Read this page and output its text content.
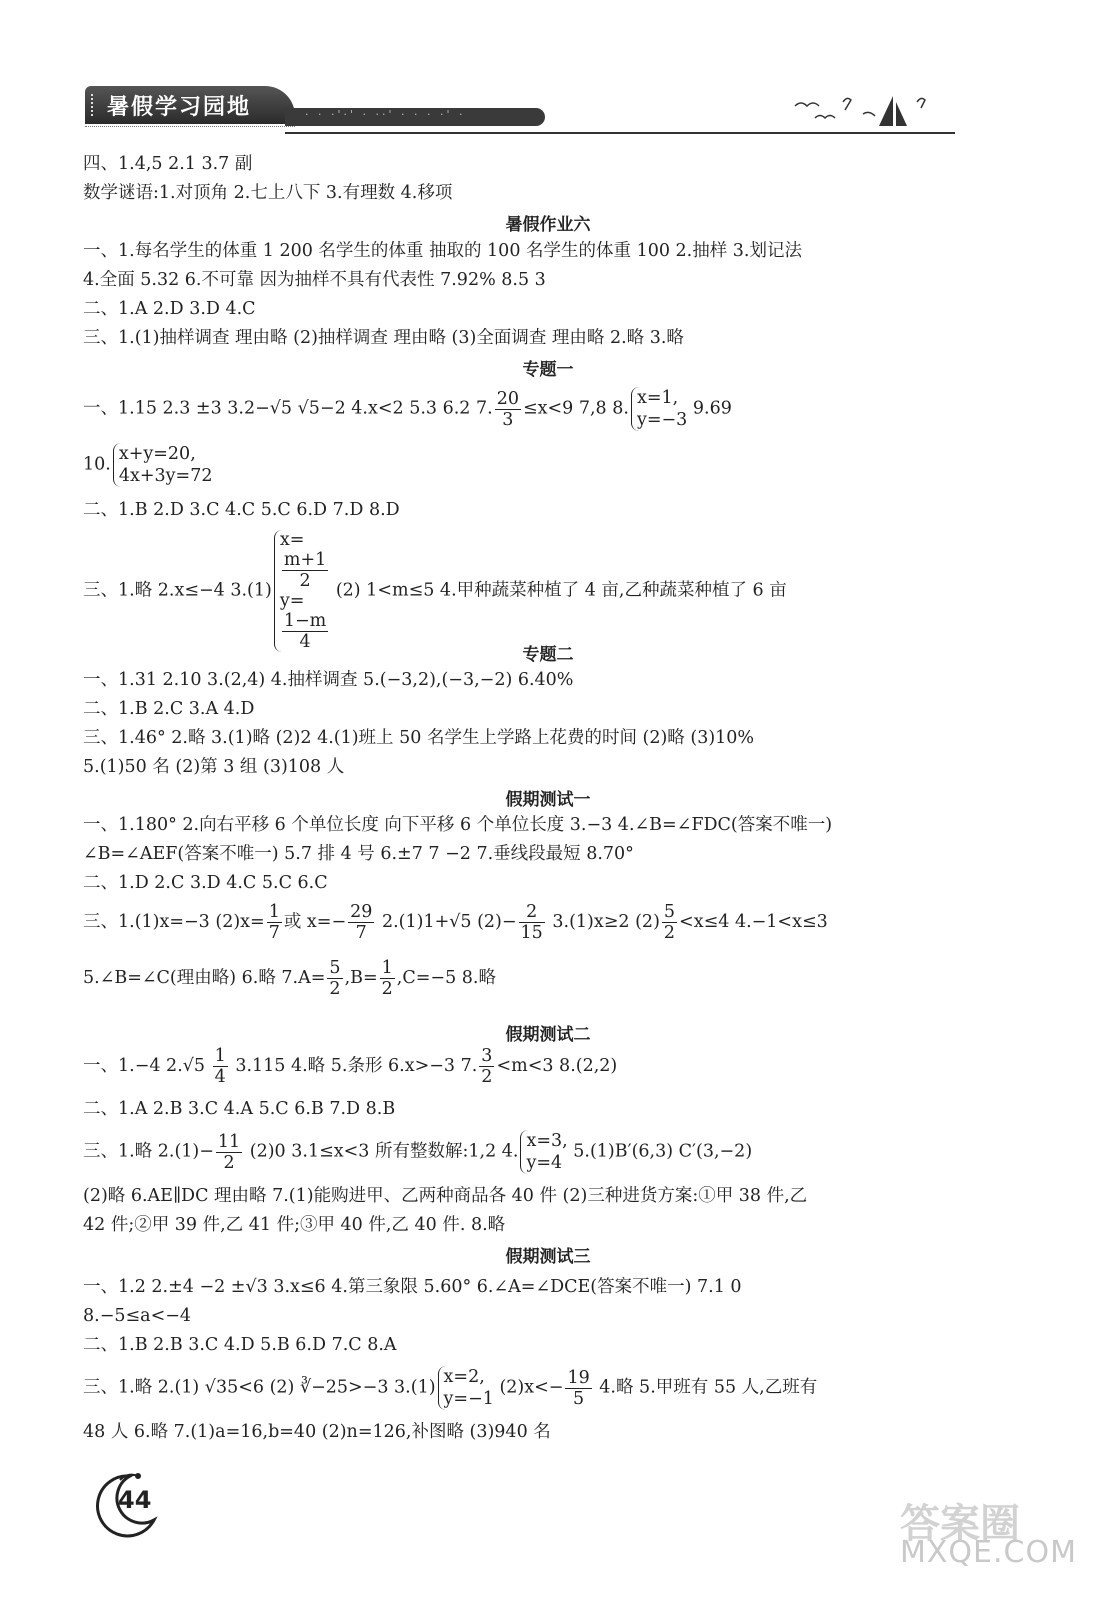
暑假学习园地
· · ·'·' · ··' · · · ·' ·
四、1.4,5 2.1 3.7 副
数学谜语:1.对顶角 2.七上八下 3.有理数 4.移项
暑假作业六
一、1.每名学生的体重 1 200 名学生的体重 抽取的 100 名学生的体重 100 2.抽样 3.划记法
4.全面 5.32 6.不可靠 因为抽样不具有代表性 7.92% 8.5 3
二、1.A 2.D 3.D 4.C
三、1.(1)抽样调查 理由略 (2)抽样调查 理由略 (3)全面调查 理由略 2.略 3.略
专题一
一、1.15 2.3 ±3 3.2−√5 √5−2 4.x<2 5.3 6.2 7. $\frac{20}{3} \le x<9$ 7,8 8.
x=1,
y=−3
9.69
10.
x+y=20,
4x+3y=72
二、1.B 2.D 3.C 4.C 5.C 6.D 7.D 8.D
三、1.略 2.x≤−4 3.(1)
x=
m+1
2
y=
1−m
4
(2) 1<m≤5 4.甲种蔬菜种植了 4 亩,乙种蔬菜种植了 6 亩
专题二
一、1.31 2.10 3.(2,4) 4.抽样调查 5.(−3,2),(−3,−2) 6.40%
二、1.B 2.C 3.A 4.D
三、1.46° 2.略 3.(1)略 (2)2 4.(1)班上 50 名学生上学路上花费的时间 (2)略 (3)10%
5.(1)50 名 (2)第 3 组 (3)108 人
假期测试一
一、1.180° 2.向右平移 6 个单位长度 向下平移 6 个单位长度 3.−3 4.∠B=∠FDC(答案不唯一)
∠B=∠AEF(答案不唯一) 5.7 排 4 号 6.±7 7 −2 7.垂线段最短 8.70°
二、1.D 2.C 3.D 4.C 5.C 6.C
三、1.(1)x=−3 $(2)x= \frac{1}{7}$ 或 $x=- \frac{29}{7} 2.(1)1+√5$ $(2)- \frac{2}{15} 3.(1)x\ge 2$ $(2) \frac{5}{2} <x\le 4$ 4.−1<x≤3
5.∠B=∠C(理由略) 6.略 $7.A= \frac{5}{2} ,B= \frac{1}{2} ,C=-5$ 8.略
假期测试二
一、1.−4 $2.√5 \frac{1}{4} 3.115$ 4.略 5.条形 6.x>−3 7. $\frac{3}{2} <m<3$ 8.(2,2)
二、1.A 2.B 3.C 4.A 5.C 6.B 7.D 8.B
三、1.略 $2.(1)- \frac{11}{2} (2)0$ 3.1≤x<3 所有整数解:1,2 4.
x=3,
y=4
5.(1)B′(6,3) C′(3,−2)
(2)略 6.AE∥DC 理由略 7.(1)能购进甲、乙两种商品各 40 件 (2)三种进货方案:①甲 38 件,乙
42 件;②甲 39 件,乙 41 件;③甲 40 件,乙 40 件. 8.略
假期测试三
一、1.2 2.±4 −2 ±√3 3.x≤6 4.第三象限 5.60° 6.∠A=∠DCE(答案不唯一) 7.1 0
8.−5≤a<−4
二、1.B 2.B 3.C 4.D 5.B 6.D 7.C 8.A
三、1.略 2.(1) √35<6 (2) ∛−25>−3 3.(1)
x=2,
y=−1
$(2)x<- \frac{19}{5} 4$.略 5.甲班有 55 人,乙班有
48 人 6.略 7.(1)a=16,b=40 (2)n=126,补图略 (3)940 名
44
答案圈
MXQE.COM
